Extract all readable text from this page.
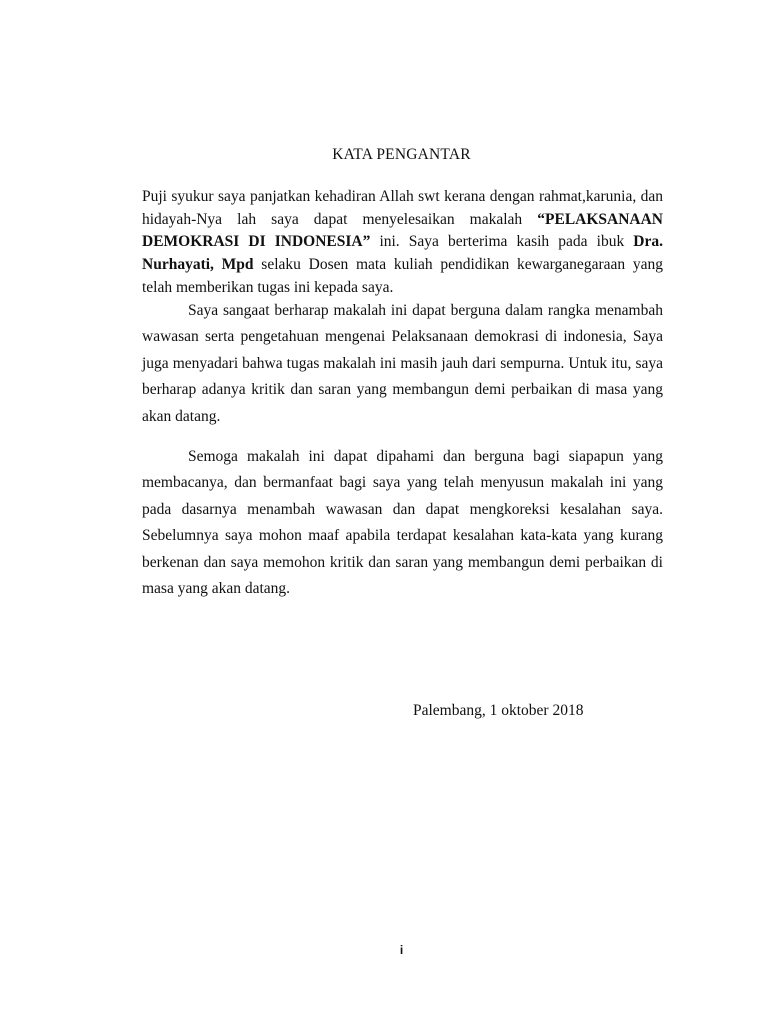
KATA PENGANTAR
Puji syukur saya panjatkan kehadiran Allah swt kerana dengan rahmat,karunia, dan hidayah-Nya lah saya dapat menyelesaikan makalah “PELAKSANAAN DEMOKRASI DI INDONESIA” ini. Saya berterima kasih pada ibuk Dra. Nurhayati, Mpd selaku Dosen mata kuliah pendidikan kewarganegaraan yang telah memberikan tugas ini kepada saya.
Saya sangaat berharap makalah ini dapat berguna dalam rangka menambah wawasan serta pengetahuan mengenai Pelaksanaan demokrasi di indonesia, Saya juga menyadari bahwa tugas makalah ini masih jauh dari sempurna. Untuk itu, saya berharap adanya kritik dan saran yang membangun demi perbaikan di masa yang akan datang.
Semoga makalah ini dapat dipahami dan berguna bagi siapapun yang membacanya, dan bermanfaat bagi saya yang telah menyusun makalah ini yang pada dasarnya menambah wawasan dan dapat mengkoreksi kesalahan saya. Sebelumnya saya mohon maaf apabila terdapat kesalahan kata-kata yang kurang berkenan dan saya memohon kritik dan saran yang membangun demi perbaikan di masa yang akan datang.
Palembang, 1 oktober 2018
i
